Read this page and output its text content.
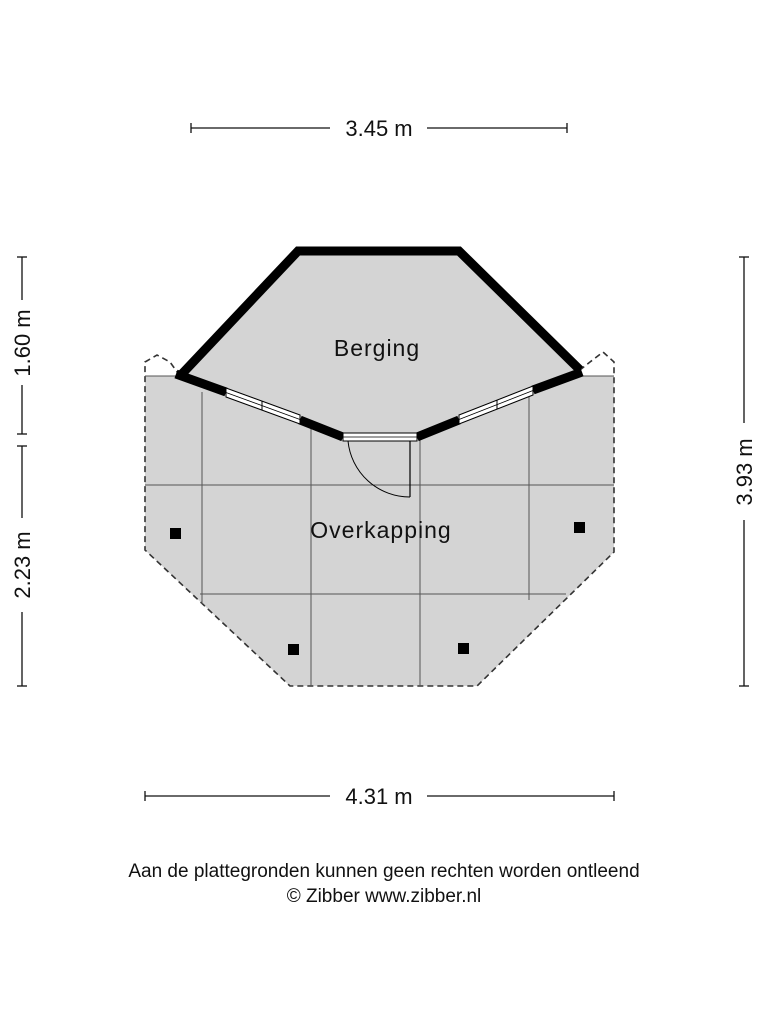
Berging
Overkapping
3.45 m
4.31 m
1.60 m
2.23 m
3.93 m
Aan de plattegronden kunnen geen rechten worden ontleend
© Zibber www.zibber.nl
